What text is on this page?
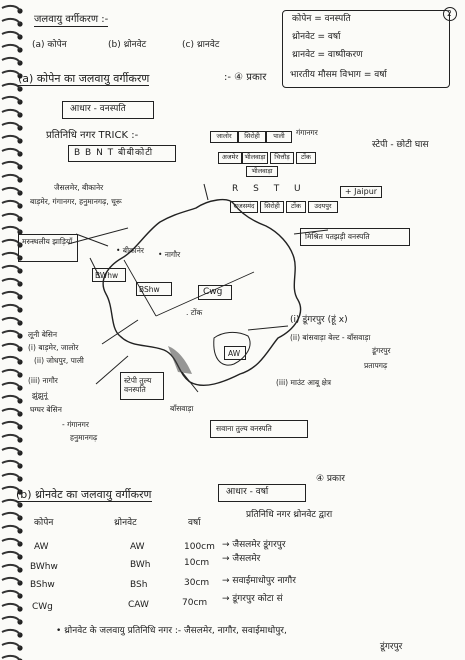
2
जलवायु वर्गीकरण :-
(a) कोपेन	(b) थ्रोनवेट	(c) थ्रानवेट
कोपेन = वनस्पति
थ्रोनवेट = वर्षा
थ्रानवेट = वाष्पीकरण
भारतीय मौसम विभाग = वर्षा
(a) कोपेन का जलवायु वर्गीकरण	:- ④ प्रकार
आधार - वनस्पति
प्रतिनिधि नगर TRICK :-
B B N T बीबीकोटी
जालोर	सिरोही	पाली	गंगानगर
अजमेर भीलवाड़ा	चित्तौड़	टोंक
भीलवाड़ा
R S T U
राजसमंद	सिरोही	टोंक	उदयपुर
+ Jaipur
स्टेपी - छोटी घास
जैसलमेर, बीकानेर
बाड़मेर, गंगानगर, हनुमानगढ़, चूरू
मरुस्थलीय झाड़ियाँ
BWhw
• बीकानेर • नागौर
BShw	Cwg
. टोंक
AW
मिश्रित पतझड़ी वनस्पति
(i) डूंगरपुर (हूं x)
(ii) बांसवाड़ा बेल्ट - बाँसवाड़ा
डूंगरपुर
प्रतापगढ़
(iii) माउंट आबू क्षेत्र
लूनी बेसिन
(i) बाड़मेर, जालोर
(ii) जोधपुर, पाली
(iii) नागौर
झुंझुनूं
घग्घर बेसिन
- गंगानगर
हनुमानगढ़
स्टेपी तुल्य वनस्पति
बाँसवाड़ा
सवाना तुल्य वनस्पति
(b) थ्रोनवेट का जलवायु वर्गीकरण	आधार - वर्षा
④ प्रकार
कोपेन	थ्रोनवेट	वर्षा
प्रतिनिधि नगर थ्रोनवेट द्वारा
AW	AW	100cm → जैसलमेर डूंगरपुर
BWhw	BWh	10cm → जैसलमेर
BShw	BSh	30cm → सवाईमाधोपुर नागौर
CWg	CAW	70cm → डूंगरपुर कोटा सं
• थ्रोनवेट के जलवायु प्रतिनिधि नगर :- जैसलमेर, नागौर, सवाईमाधोपुर,
डूंगरपुर
